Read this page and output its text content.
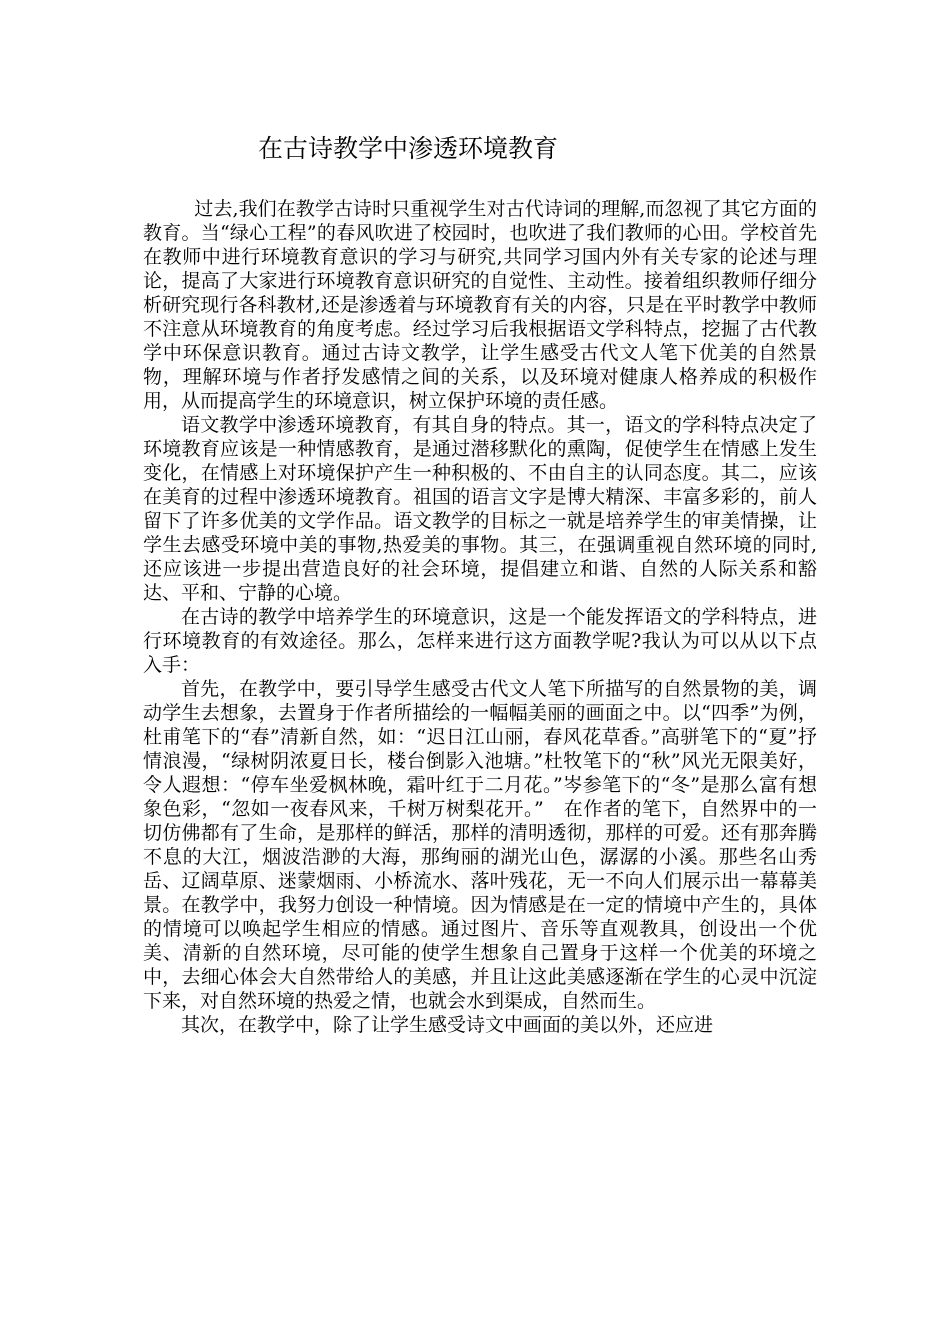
在古诗教学中渗透环境教育

过去,我们在教学古诗时只重视学生对古代诗词的理解,而忽视了其它方面的教育。当“绿心工程”的春风吹进了校园时，也吹进了我们教师的心田。学校首先在教师中进行环境教育意识的学习与研究,共同学习国内外有关专家的论述与理论，提高了大家进行环境教育意识研究的自觉性、主动性。接着组织教师仔细分析研究现行各科教材,还是渗透着与环境教育有关的内容，只是在平时教学中教师不注意从环境教育的角度考虑。经过学习后我根据语文学科特点，挖掘了古代教学中环保意识教育。通过古诗文教学，让学生感受古代文人笔下优美的自然景物，理解环境与作者抒发感情之间的关系，以及环境对健康人格养成的积极作用，从而提高学生的环境意识，树立保护环境的责任感。

语文教学中渗透环境教育，有其自身的特点。其一，语文的学科特点决定了环境教育应该是一种情感教育，是通过潜移默化的熏陶，促使学生在情感上发生变化，在情感上对环境保护产生一种积极的、不由自主的认同态度。其二，应该在美育的过程中渗透环境教育。祖国的语言文字是博大精深、丰富多彩的，前人留下了许多优美的文学作品。语文教学的目标之一就是培养学生的审美情操，让学生去感受环境中美的事物,热爱美的事物。其三，在强调重视自然环境的同时,还应该进一步提出营造良好的社会环境，提倡建立和谐、自然的人际关系和豁达、平和、宁静的心境。

在古诗的教学中培养学生的环境意识，这是一个能发挥语文的学科特点，进行环境教育的有效途径。那么，怎样来进行这方面教学呢?我认为可以从以下点入手：

首先，在教学中，要引导学生感受古代文人笔下所描写的自然景物的美，调动学生去想象，去置身于作者所描绘的一幅幅美丽的画面之中。以“四季”为例，杜甫笔下的“春”清新自然，如：“迟日江山丽，春风花草香。”高骈笔下的“夏”抒情浪漫，“绿树阴浓夏日长，楼台倒影入池塘。”杜牧笔下的“秋”风光无限美好，令人遐想：“停车坐爱枫林晚，霜叶红于二月花。”岑参笔下的“冬”是那么富有想象色彩，“忽如一夜春风来，千树万树梨花开。”　在作者的笔下，自然界中的一切仿佛都有了生命，是那样的鲜活，那样的清明透彻，那样的可爱。还有那奔腾不息的大江，烟波浩渺的大海，那绚丽的湖光山色，潺潺的小溪。那些名山秀岳、辽阔草原、迷蒙烟雨、小桥流水、落叶残花，无一不向人们展示出一幕幕美景。在教学中，我努力创设一种情境。因为情感是在一定的情境中产生的，具体的情境可以唤起学生相应的情感。通过图片、音乐等直观教具，创设出一个优美、清新的自然环境，尽可能的使学生想象自己置身于这样一个优美的环境之中，去细心体会大自然带给人的美感，并且让这此美感逐渐在学生的心灵中沉淀下来，对自然环境的热爱之情，也就会水到渠成，自然而生。

其次，在教学中，除了让学生感受诗文中画面的美以外，还应进
